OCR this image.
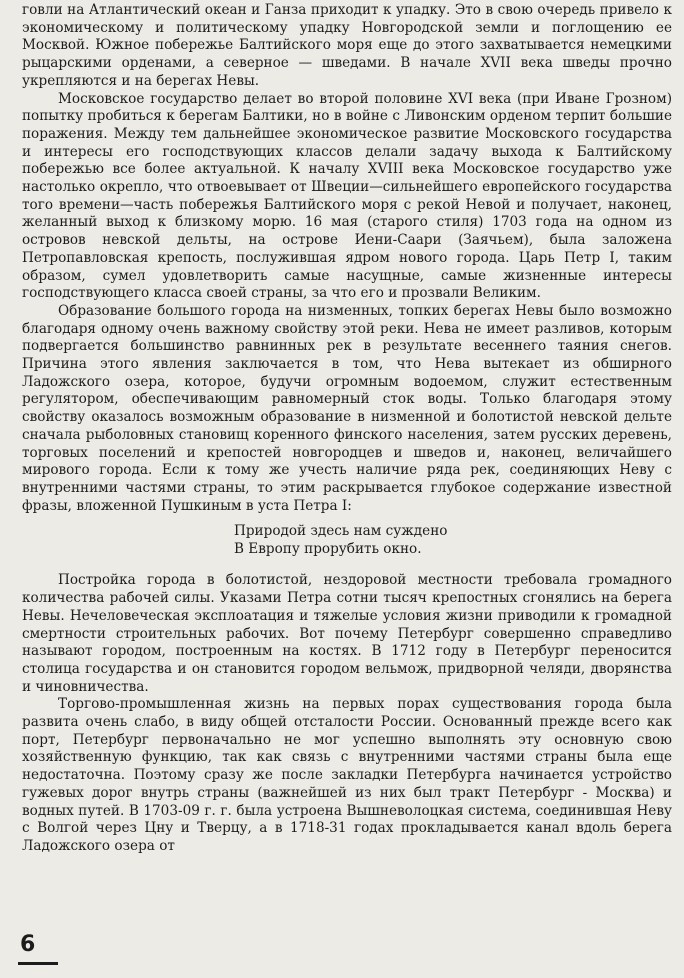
говли на Атлантический океан и Ганза приходит к упадку. Это в свою очередь привело к экономическому и политическому упадку Новгородской земли и поглощению ее Москвой. Южное побережье Балтийского моря еще до этого захватывается немецкими рыцарскими орденами, а северное — шведами. В начале XVII века шведы прочно укрепляются и на берегах Невы.

Московское государство делает во второй половине XVI века (при Иване Грозном) попытку пробиться к берегам Балтики, но в войне с Ливонским орденом терпит большие поражения. Между тем дальнейшее экономическое развитие Московского государства и интересы его господствующих классов делали задачу выхода к Балтийскому побережью все более актуальной. К началу XVIII века Московское государство уже настолько окрепло, что отвоевывает от Швеции—сильнейшего европейского государства того времени—часть побережья Балтийского моря с рекой Невой и получает, наконец, желанный выход к близкому морю. 16 мая (старого стиля) 1703 года на одном из островов невской дельты, на острове Иени-Саари (Заячьем), была заложена Петропавловская крепость, послужившая ядром нового города. Царь Петр I, таким образом, сумел удовлетворить самые насущные, самые жизненные интересы господствующего класса своей страны, за что его и прозвали Великим.

Образование большого города на низменных, топких берегах Невы было возможно благодаря одному очень важному свойству этой реки. Нева не имеет разливов, которым подвергается большинство равнинных рек в результате весеннего таяния снегов. Причина этого явления заключается в том, что Нева вытекает из обширного Ладожского озера, которое, будучи огромным водоемом, служит естественным регулятором, обеспечивающим равномерный сток воды. Только благодаря этому свойству оказалось возможным образование в низменной и болотистой невской дельте сначала рыболовных становищ коренного финского населения, затем русских деревень, торговых поселений и крепостей новгородцев и шведов и, наконец, величайшего мирового города. Если к тому же учесть наличие ряда рек, соединяющих Неву с внутренними частями страны, то этим раскрывается глубокое содержание известной фразы, вложенной Пушкиным в уста Петра I:

Природой здесь нам суждено
В Европу прорубить окно.

Постройка города в болотистой, нездоровой местности требовала громадного количества рабочей силы. Указами Петра сотни тысяч крепостных сгонялись на берега Невы. Нечеловеческая эксплоатация и тяжелые условия жизни приводили к громадной смертности строительных рабочих. Вот почему Петербург совершенно справедливо называют городом, построенным на костях. В 1712 году в Петербург переносится столица государства и он становится городом вельмож, придворной челяди, дворянства и чиновничества.

Торгово-промышленная жизнь на первых порах существования города была развита очень слабо, в виду общей отсталости России. Основанный прежде всего как порт, Петербург первоначально не мог успешно выполнять эту основную свою хозяйственную функцию, так как связь с внутренними частями страны была еще недостаточна. Поэтому сразу же после закладки Петербурга начинается устройство гужевых дорог внутрь страны (важнейшей из них был тракт Петербург - Москва) и водных путей. В 1703-09 г. г. была устроена Вышневолоцкая система, соединившая Неву с Волгой через Цну и Тверцу, а в 1718-31 годах прокладывается канал вдоль берега Ладожского озера от

6
